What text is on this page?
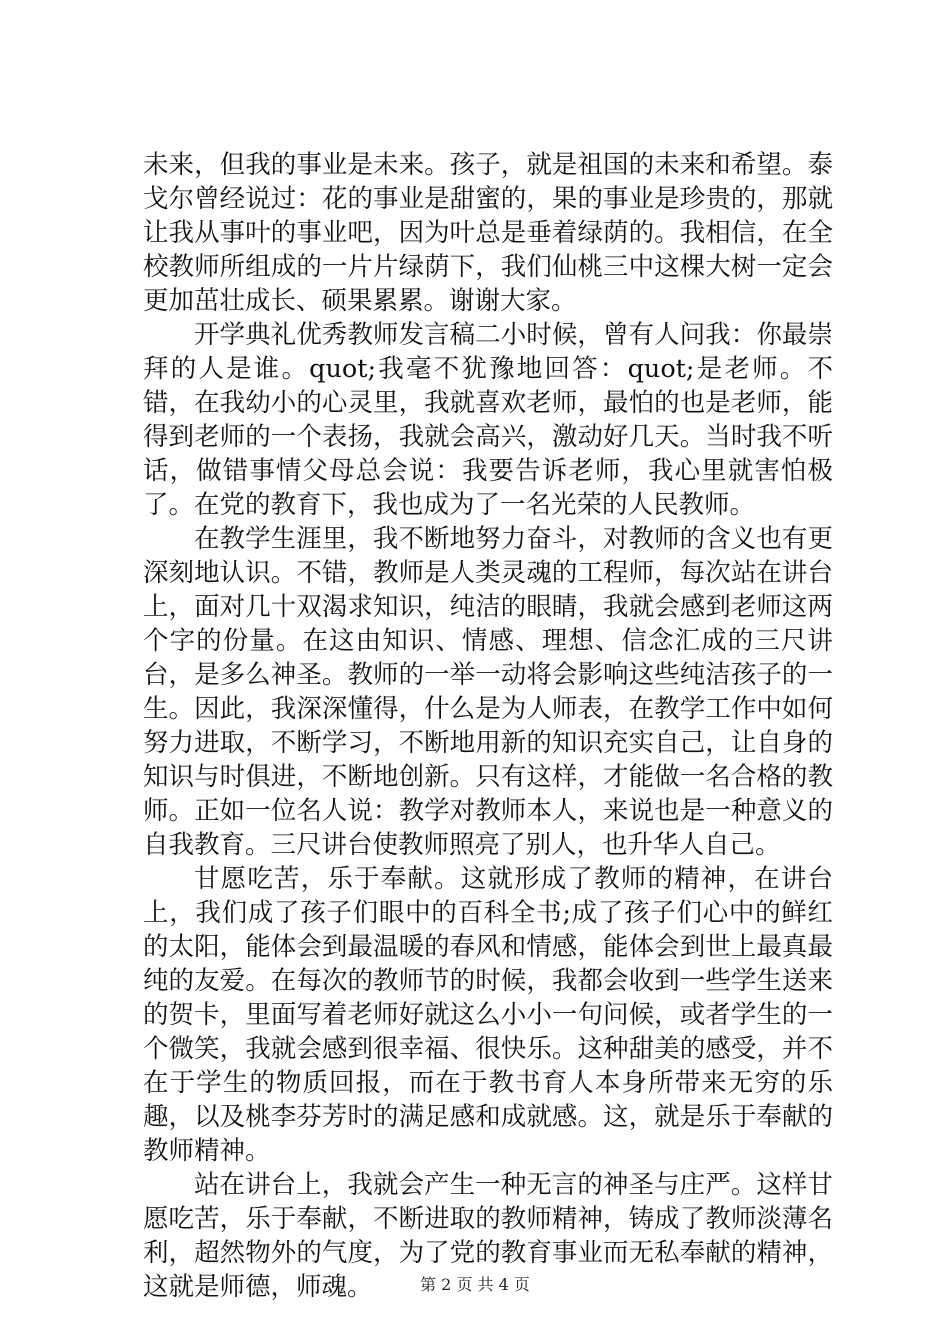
未来，但我的事业是未来。孩子，就是祖国的未来和希望。泰戈尔曾经说过：花的事业是甜蜜的，果的事业是珍贵的，那就让我从事叶的事业吧，因为叶总是垂着绿荫的。我相信，在全校教师所组成的一片片绿荫下，我们仙桃三中这棵大树一定会更加茁壮成长、硕果累累。谢谢大家。

开学典礼优秀教师发言稿二小时候，曾有人问我：你最崇拜的人是谁。quot;我毫不犹豫地回答：quot;是老师。不错，在我幼小的心灵里，我就喜欢老师，最怕的也是老师，能得到老师的一个表扬，我就会高兴，激动好几天。当时我不听话，做错事情父母总会说：我要告诉老师，我心里就害怕极了。在党的教育下，我也成为了一名光荣的人民教师。

在教学生涯里，我不断地努力奋斗，对教师的含义也有更深刻地认识。不错，教师是人类灵魂的工程师，每次站在讲台上，面对几十双渴求知识，纯洁的眼睛，我就会感到老师这两个字的份量。在这由知识、情感、理想、信念汇成的三尺讲台，是多么神圣。教师的一举一动将会影响这些纯洁孩子的一生。因此，我深深懂得，什么是为人师表，在教学工作中如何努力进取，不断学习，不断地用新的知识充实自己，让自身的知识与时俱进，不断地创新。只有这样，才能做一名合格的教师。正如一位名人说：教学对教师本人，来说也是一种意义的自我教育。三尺讲台使教师照亮了别人，也升华人自己。

甘愿吃苦，乐于奉献。这就形成了教师的精神，在讲台上，我们成了孩子们眼中的百科全书;成了孩子们心中的鲜红的太阳，能体会到最温暖的春风和情感，能体会到世上最真最纯的友爱。在每次的教师节的时候，我都会收到一些学生送来的贺卡，里面写着老师好就这么小小一句问候，或者学生的一个微笑，我就会感到很幸福、很快乐。这种甜美的感受，并不在于学生的物质回报，而在于教书育人本身所带来无穷的乐趣，以及桃李芬芳时的满足感和成就感。这，就是乐于奉献的教师精神。

站在讲台上，我就会产生一种无言的神圣与庄严。这样甘愿吃苦，乐于奉献，不断进取的教师精神，铸成了教师淡薄名利，超然物外的气度，为了党的教育事业而无私奉献的精神，这就是师德，师魂。	第 2 页 共 4 页
